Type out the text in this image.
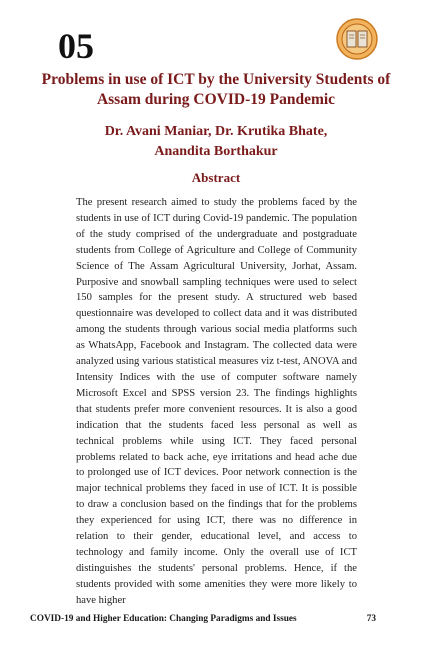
05
Problems in use of ICT by the University Students of Assam during COVID-19 Pandemic
Dr. Avani Maniar, Dr. Krutika Bhate,
Anandita Borthakur
Abstract

The present research aimed to study the problems faced by the students in use of ICT during Covid-19 pandemic. The population of the study comprised of the undergraduate and postgraduate students from College of Agriculture and College of Community Science of The Assam Agricultural University, Jorhat, Assam. Purposive and snowball sampling techniques were used to select 150 samples for the present study. A structured web based questionnaire was developed to collect data and it was distributed among the students through various social media platforms such as WhatsApp, Facebook and Instagram. The collected data were analyzed using various statistical measures viz t-test, ANOVA and Intensity Indices with the use of computer software namely Microsoft Excel and SPSS version 23. The findings highlights that students prefer more convenient resources. It is also a good indication that the students faced less personal as well as technical problems while using ICT. They faced personal problems related to back ache, eye irritations and head ache due to prolonged use of ICT devices. Poor network connection is the major technical problems they faced in use of ICT. It is possible to draw a conclusion based on the findings that for the problems they experienced for using ICT, there was no difference in relation to their gender, educational level, and access to technology and family income. Only the overall use of ICT distinguishes the students' personal problems. Hence, if the students provided with some amenities they were more likely to have higher

COVID-19 and Higher Education: Changing Paradigms and Issues	73
